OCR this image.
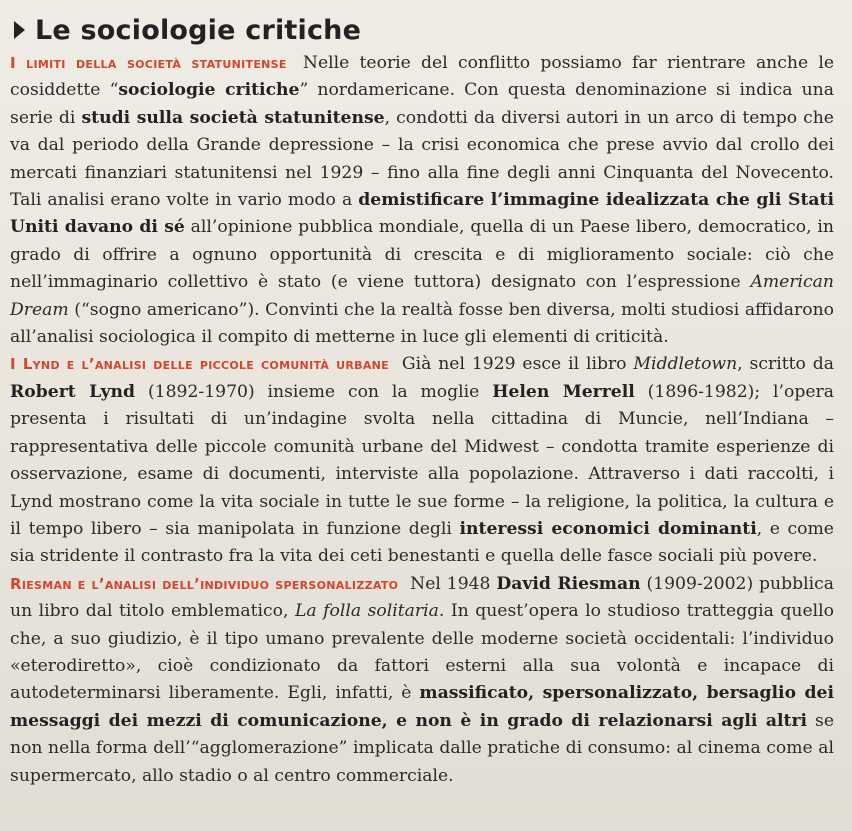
Le sociologie critiche

I limiti della società statunitense Nelle teorie del conflitto possiamo far rientrare anche le cosiddette “sociologie critiche” nordamericane. Con questa denominazione si indica una serie di studi sulla società statunitense, condotti da diversi autori in un arco di tempo che va dal periodo della Grande depressione – la crisi economica che prese avvio dal crollo dei mercati finanziari statunitensi nel 1929 – fino alla fine degli anni Cinquanta del Novecento. Tali analisi erano volte in vario modo a demistificare l’immagine idealizzata che gli Stati Uniti davano di sé all’opinione pubblica mondiale, quella di un Paese libero, democratico, in grado di offrire a ognuno opportunità di crescita e di miglioramento sociale: ciò che nell’immaginario collettivo è stato (e viene tuttora) designato con l’espressione American Dream (“sogno americano”). Convinti che la realtà fosse ben diversa, molti studiosi affidarono all’analisi sociologica il compito di metterne in luce gli elementi di criticità.

I Lynd e l’analisi delle piccole comunità urbane Già nel 1929 esce il libro Middletown, scritto da Robert Lynd (1892-1970) insieme con la moglie Helen Merrell (1896-1982); l’opera presenta i risultati di un’indagine svolta nella cittadina di Muncie, nell’Indiana – rappresentativa delle piccole comunità urbane del Midwest – condotta tramite esperienze di osservazione, esame di documenti, interviste alla popolazione. Attraverso i dati raccolti, i Lynd mostrano come la vita sociale in tutte le sue forme – la religione, la politica, la cultura e il tempo libero – sia manipolata in funzione degli interessi economici dominanti, e come sia stridente il contrasto fra la vita dei ceti benestanti e quella delle fasce sociali più povere.

Riesman e l’analisi dell’individuo spersonalizzato Nel 1948 David Riesman (1909-2002) pubblica un libro dal titolo emblematico, La folla solitaria. In quest’opera lo studioso tratteggia quello che, a suo giudizio, è il tipo umano prevalente delle moderne società occidentali: l’individuo «eterodiretto», cioè condizionato da fattori esterni alla sua volontà e incapace di autodeterminarsi liberamente. Egli, infatti, è massificato, spersonalizzato, bersaglio dei messaggi dei mezzi di comunicazione, e non è in grado di relazionarsi agli altri se non nella forma dell’“agglomerazione” implicata dalle pratiche di consumo: al cinema come al supermercato, allo stadio o al centro commerciale.
